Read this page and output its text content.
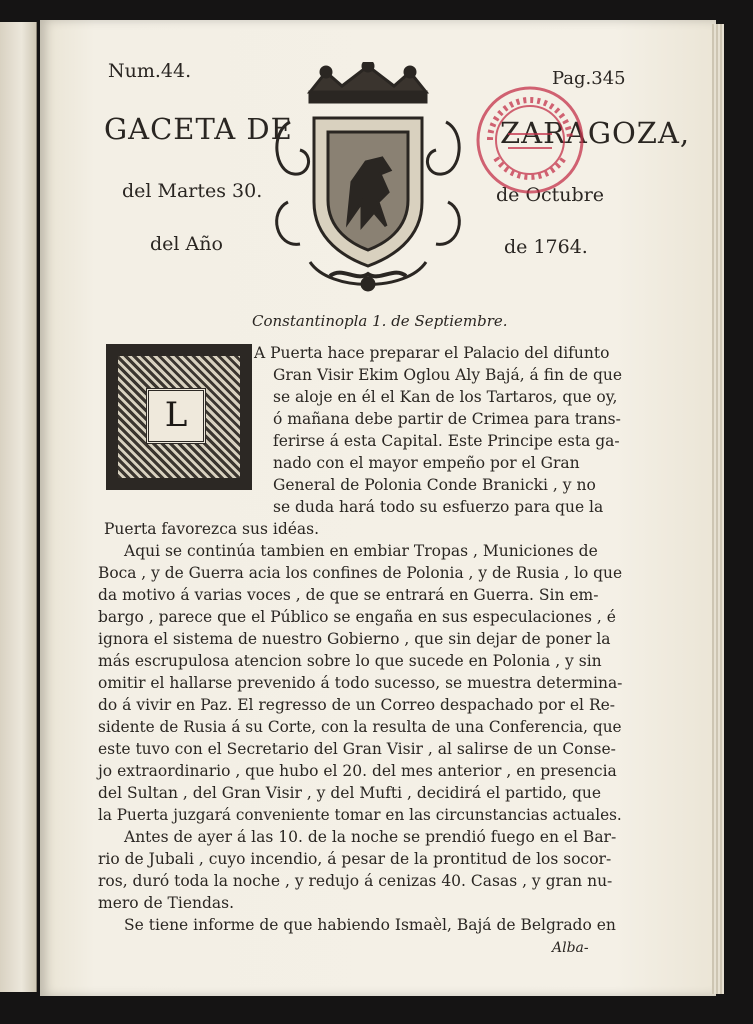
Num.44.	Pag.345
GACETA DE	ZARAGOZA,
del Martes 30.	de Octubre
del Año	de 1764.
Constantinopla 1. de Septiembre.
L
A Puerta hace preparar el Palacio del difunto
Gran Visir Ekim Oglou Aly Bajá, á fin de que
se aloje en él el Kan de los Tartaros, que oy,
ó mañana debe partir de Crimea para trans-
ferirse á esta Capital. Este Principe esta ga-
nado con el mayor empeño por el Gran
General de Polonia Conde Branicki , y no
se duda hará todo su esfuerzo para que la
Puerta favorezca sus idéas.
Aqui se continúa tambien en embiar Tropas , Municiones de
Boca , y de Guerra acia los confines de Polonia , y de Rusia , lo que
da motivo á varias voces , de que se entrará en Guerra. Sin em-
bargo , parece que el Público se engaña en sus especulaciones , é
ignora el sistema de nuestro Gobierno , que sin dejar de poner la
más escrupulosa atencion sobre lo que sucede en Polonia , y sin
omitir el hallarse prevenido á todo sucesso, se muestra determina-
do á vivir en Paz. El regresso de un Correo despachado por el Re-
sidente de Rusia á su Corte, con la resulta de una Conferencia, que
este tuvo con el Secretario del Gran Visir , al salirse de un Conse-
jo extraordinario , que hubo el 20. del mes anterior , en presencia
del Sultan , del Gran Visir , y del Mufti , decidirá el partido, que
la Puerta juzgará conveniente tomar en las circunstancias actuales.
Antes de ayer á las 10. de la noche se prendió fuego en el Bar-
rio de Jubali , cuyo incendio, á pesar de la prontitud de los socor-
ros, duró toda la noche , y redujo á cenizas 40. Casas , y gran nu-
mero de Tiendas.
Se tiene informe de que habiendo Ismaèl, Bajá de Belgrado en
Alba-
